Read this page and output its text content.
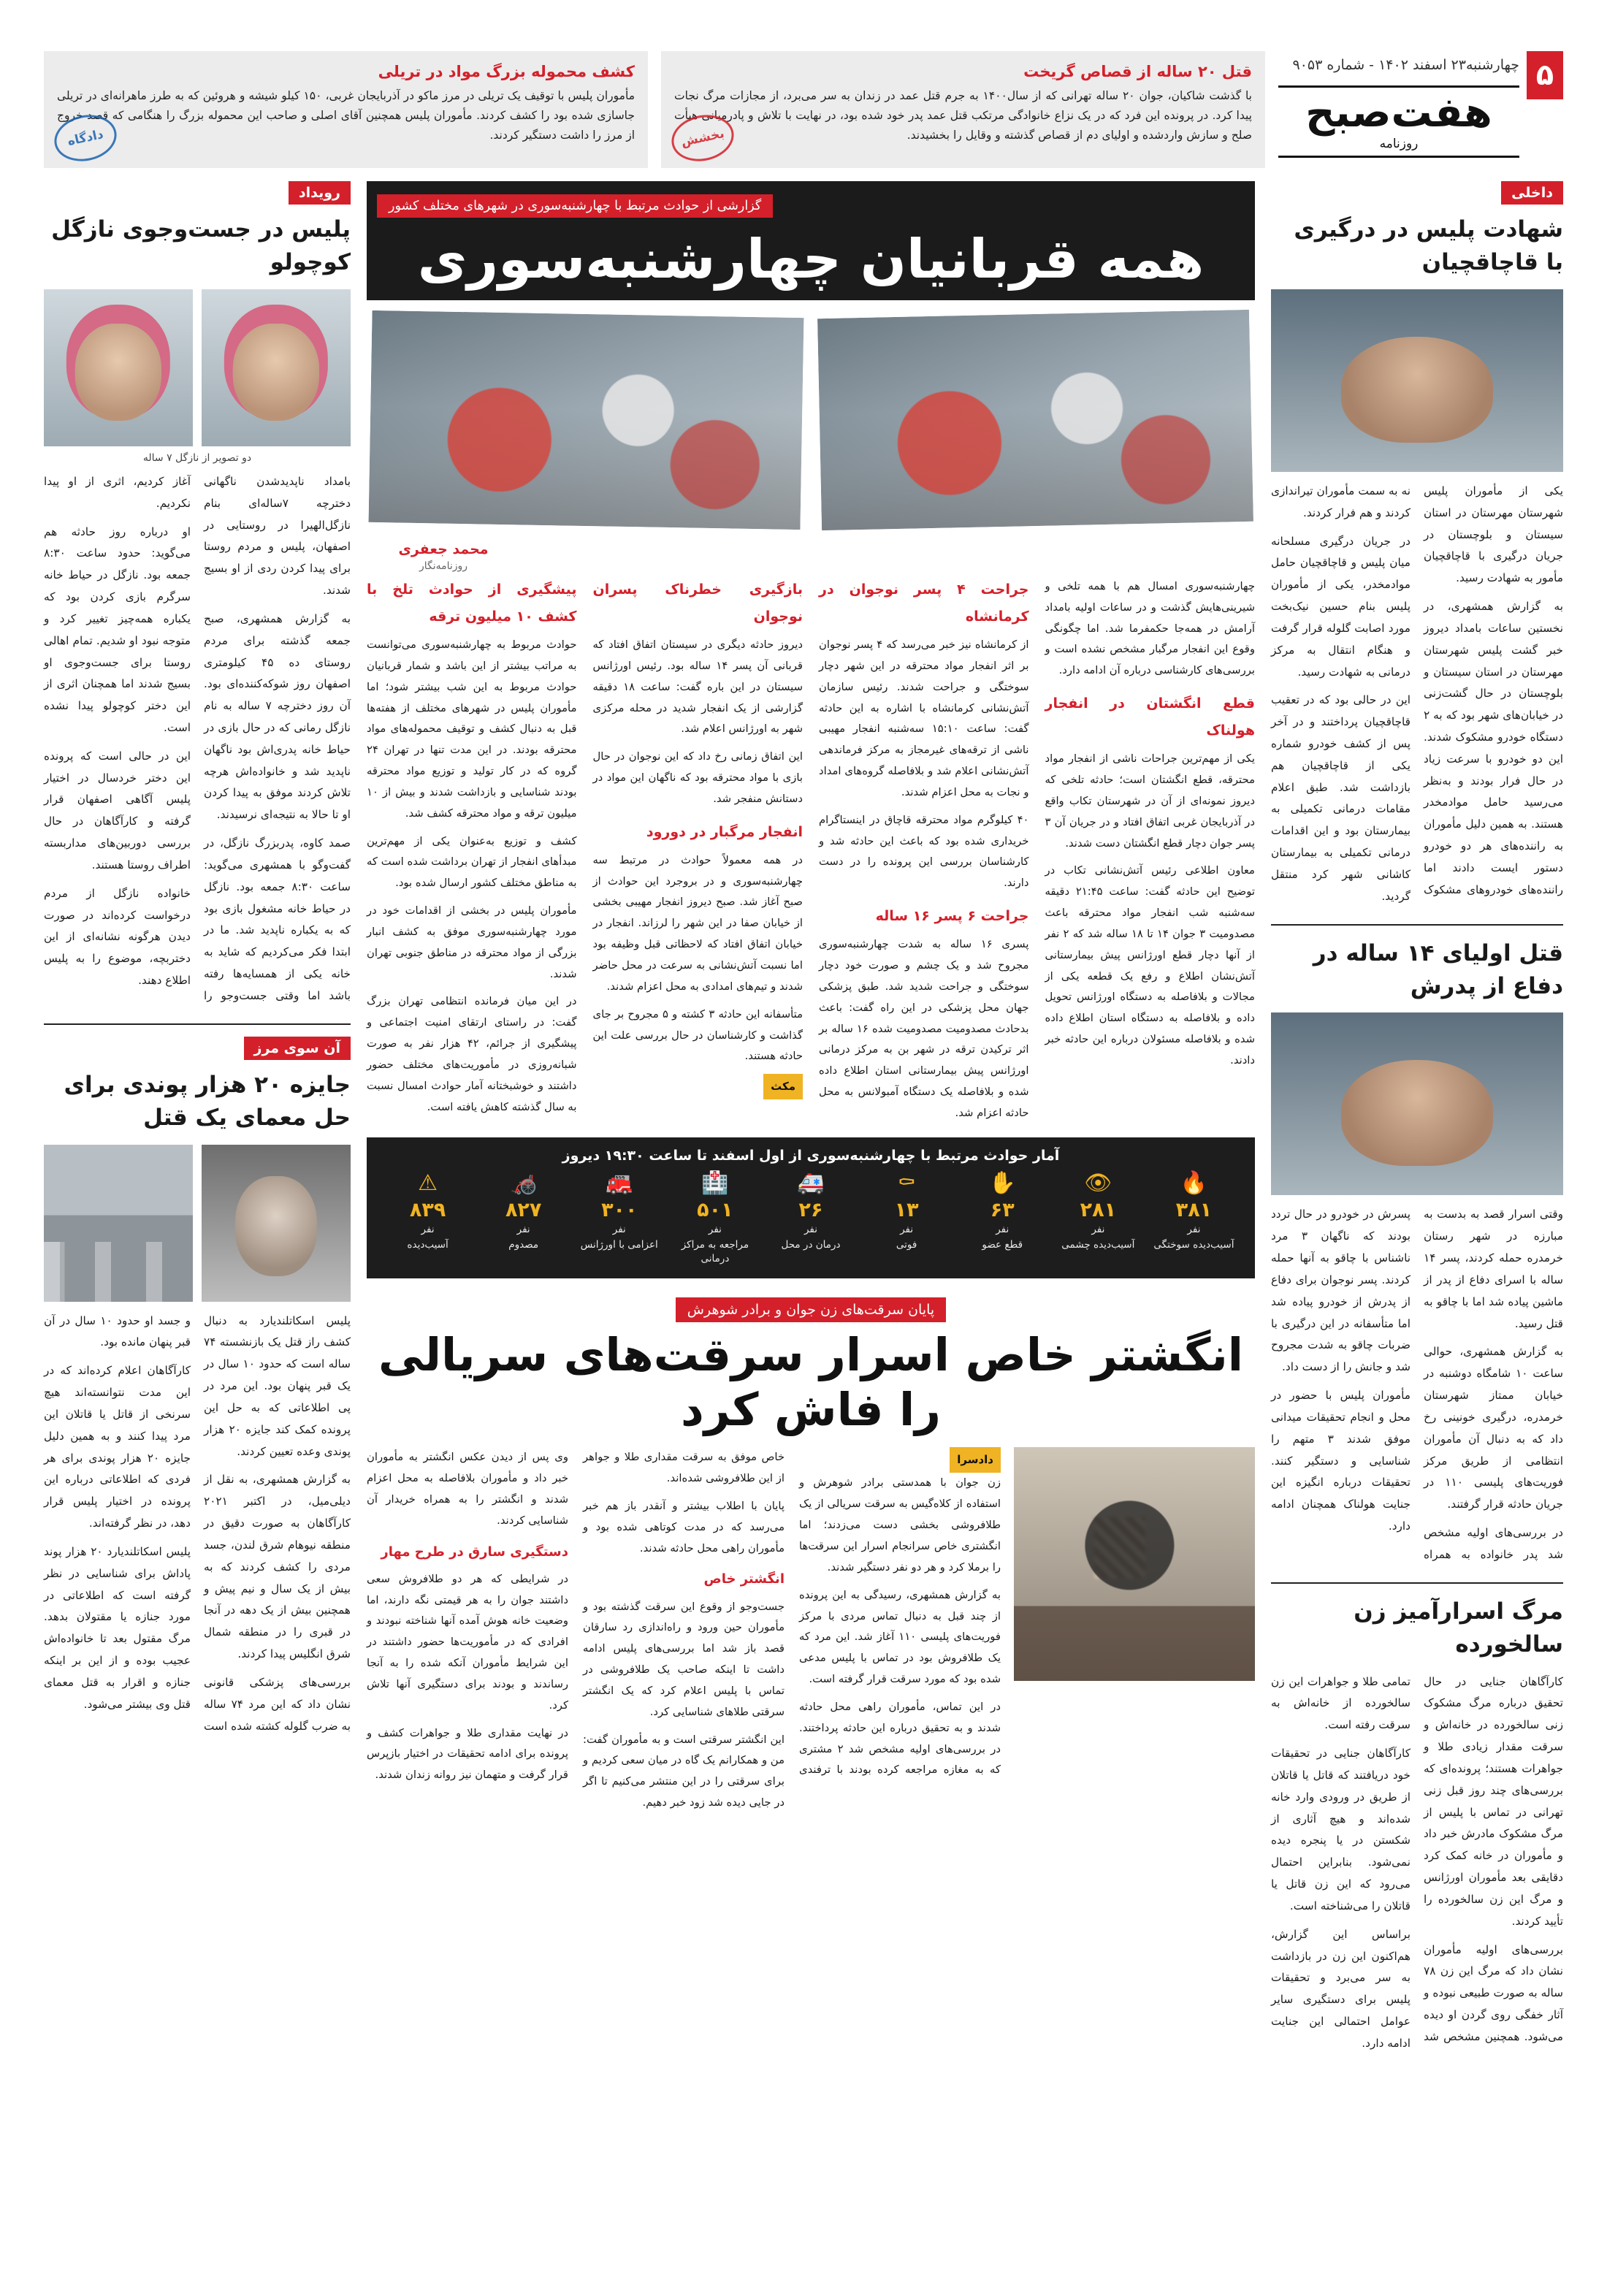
چهارشنبه۲۳ اسفند ۱۴۰۲ - شماره ۹۰۵۳
هفت‌صبح
روزنامه
۵
قتل ۲۰ ساله از قصاص گریخت

با گذشت شاکیان، جوان ۲۰ ساله تهرانی که از سال۱۴۰۰ به جرم قتل عمد در زندان به سر می‌برد، از مجازات مرگ نجات پیدا کرد. در پرونده این فرد که در یک نزاع خانوادگی مرتکب قتل عمد پدر خود شده بود، در نهایت با تلاش و پادرمیانی هیأت صلح و سازش واردشده و اولیای دم از قصاص گذشته و وقایل را بخشیدند.

بخشش
کشف محموله بزرگ مواد در تریلی

مأموران پلیس با توقیف یک تریلی در مرز ماکو در آذربایجان غربی، ۱۵۰ کیلو شیشه و هروئین که به طرز ماهرانه‌ای در تریلی جاسازی شده بود را کشف کردند. مأموران پلیس همچنین آقای اصلی و صاحب این محموله بزرگ را هنگامی که قصد خروج از مرز را داشت دستگیر کردند.

دادگاه
داخلی
شهادت پلیس در درگیری با قاچاقچیان

یکی از مأموران پلیس شهرستان مهرستان در استان سیستان و بلوچستان در جریان درگیری با قاچاقچیان مأمور به شهادت رسید.

به گزارش همشهری، در نخستین ساعات بامداد دیروز خبر گشت پلیس شهرستان مهرستان در استان سیستان و بلوچستان در حال گشت‌زنی در خیابان‌های شهر بود که به ۲ دستگاه خودرو مشکوک شدند. این دو خودرو با سرعت زیاد در حال فرار بودند و به‌نظر می‌رسید حامل موادمخدر هستند. به همین دلیل مأموران به راننده‌های هر دو خودرو دستور ایست دادند اما راننده‌های خودروهای مشکوک نه به سمت مأموران تیراندازی کردند و هم فرار کردند.

در جریان درگیری مسلحانه میان پلیس و قاچاقچیان حامل موادمخدر، یکی از مأموران پلیس بنام حسین نیک‌بخت مورد اصابت گلوله قرار گرفت و هنگام انتقال به مرکز درمانی به شهادت رسید.

این در حالی بود که در تعقیب قاچاقچیان پرداختند و در آخر پس از کشف خودرو شماره یکی از قاچاقچیان هم بازداشت شد. طبق اعلام مقامات درمانی تکمیلی به بیمارستان بود و این اقدامات درمانی تکمیلی به بیمارستان کاشانی شهر کرد منتقل گردید.

قتل اولیای ۱۴ ساله در دفاع از پدرش

وقتی اسرار قصد به بدست به مبارزه در شهر رستان خرمدره حمله کردند، پسر ۱۴ ساله با اسرای دفاع از پدر از ماشین پیاده شد اما با چاقو به قتل رسید.

به گزارش همشهری، حوالی ساعت ۱۰ شامگاه دوشنبه در خیابان ممتاز شهرستان خرمدره، درگیری خونینی رخ داد که به دنبال آن مأموران انتظامی از طریق مرکز فوریت‌های پلیسی ۱۱۰ در جریان حادثه قرار گرفتند.

در بررسی‌های اولیه مشخص شد پدر خانواده به همراه پسرش در خودرو در حال تردد بودند که ناگهان ۳ مرد ناشناس با چاقو به آنها حمله کردند. پسر نوجوان برای دفاع از پدرش از خودرو پیاده شد اما متأسفانه در این درگیری با ضربات چاقو به شدت مجروح شد و جانش را از دست داد.

مأموران پلیس با حضور در محل و انجام تحقیقات میدانی موفق شدند ۳ متهم را شناسایی و دستگیر کنند. تحقیقات درباره انگیزه این جنایت هولناک همچنان ادامه دارد.

مرگ اسرارآمیز زن سالخورده

کارآگاهان جنایی در حال تحقیق درباره مرگ مشکوک زنی سالخورده در خانه‌اش و سرقت مقدار زیادی طلا و جواهرات هستند؛ پرونده‌ای که بررسی‌های چند روز قبل زنی تهرانی در تماس با پلیس از مرگ مشکوک مادرش خبر داد و مأموران در خانه کمک کرد دقایقی بعد مأموران اورژانس و مرگ این زن سالخورده را تأیید کردند.

بررسی‌های اولیه مأموران نشان داد که مرگ این زن ۷۸ ساله به صورت طبیعی نبوده و آثار خفگی روی گردن او دیده می‌شود. همچنین مشخص شد تمامی طلا و جواهرات این زن سالخورده از خانه‌اش به سرقت رفته است.

کارآگاهان جنایی در تحقیقات خود دریافتند که قاتل یا قاتلان از طریق در ورودی وارد خانه شده‌اند و هیچ آثاری از شکستن در یا پنجره دیده نمی‌شود. بنابراین احتمال می‌رود که این زن قاتل یا قاتلان را می‌شناخته است.

براساس این گزارش، هم‌اکنون این زن در بازداشت به سر می‌برد و تحقیقات پلیس برای دستگیری سایر عوامل احتمالی این جنایت ادامه دارد.

گزارشی از حوادث مرتبط با چهارشنبه‌سوری در شهرهای مختلف کشور
همه قربانیان چهارشنبه‌سوری
محمد جعفری
روزنامه‌نگار

چهارشنبه‌سوری امسال هم با همه تلخی و شیرینی‌هایش گذشت و در ساعات اولیه بامداد آرامش در همه‌جا حکمفرما شد. اما چگونگی وقوع این انفجار مرگبار مشخص نشده است و بررسی‌های کارشناسی درباره آن ادامه دارد.

قطع انگشتان در انفجار هولناک

یکی از مهم‌ترین جراحات ناشی از انفجار مواد محترقه، قطع انگشتان است؛ حادثه تلخی که دیروز نمونه‌ای از آن در شهرستان تکاب واقع در آذربایجان غربی اتفاق افتاد و در جریان آن ۳ پسر جوان دچار قطع انگشتان دست شدند.

معاون اطلاعی رئیس آتش‌نشانی تکاب در توضیح این حادثه گفت: ساعت ۲۱:۴۵ دقیقه سه‌شنبه شب انفجار مواد محترقه باعث مصدومیت ۳ جوان ۱۴ تا ۱۸ ساله شد که ۲ نفر از آنها دچار قطع اورژانس پیش بیمارستانی آتش‌نشان اطلاع و رفع یک قطعه یکی از مجالات و بلافاصله به دستگاه اورژانس تحویل داده و بلافاصله به دستگاه استان اطلاع داده شده و بلافاصله مسئولان درباره این حادثه خبر دادند.

جراحت ۴ پسر نوجوان در کرمانشاه

از کرمانشاه نیز خبر می‌رسد که ۴ پسر نوجوان بر اثر انفجار مواد محترقه در این شهر دچار سوختگی و جراحت شدند. رئیس سازمان آتش‌نشانی کرمانشاه با اشاره به این حادثه گفت: ساعت ۱۵:۱۰ سه‌شنبه انفجار مهیبی ناشی از ترقه‌های غیرمجاز به مرکز فرماندهی آتش‌نشانی اعلام شد و بلافاصله گروه‌های امداد و نجات به محل اعزام شدند.

۴۰ کیلوگرم مواد محترقه قاچاق در اینستاگرام خریداری شده بود که باعث این حادثه شد و کارشناسان بررسی این پرونده را در دست دارند.

جراحت ۶ پسر ۱۶ ساله

پسری ۱۶ ساله به شدت چهارشنبه‌سوری مجروح شد و یک چشم و صورت خود دچار سوختگی و جراحت شدید شد. طبق پزشکی جهان محل پزشکی در این راه گفت: باعث بدحادث مصدومیت مصدومیت شده ۱۶ ساله بر اثر ترکیدن ترقه در شهر بن به مرکز درمانی اورژانس پیش بیمارستانی استان اطلاع داده شده و بلافاصله یک دستگاه آمبولانس به محل حادثه اعزام شد.

بازگیری خطرناک پسران نوجوان

دیروز حادثه دیگری در سیستان اتفاق افتاد که قربانی آن پسر ۱۴ ساله بود. رئیس اورژانس سیستان در این باره گفت: ساعت ۱۸ دقیقه گزارشی از یک انفجار شدید در محله مرکزی شهر به اورژانس اعلام شد.

این اتفاق زمانی رخ داد که این نوجوان در حال بازی با مواد محترقه بود که ناگهان این مواد در دستانش منفجر شد.

انفجار مرگبار در دورود

در همه معمولاً حوادث در مرتبط سه چهارشنبه‌سوری و در بروجرد این حوادث از صبح آغاز شد. صبح دیروز انفجار مهیبی بخشی از خیابان صفا در این شهر را لرزاند. انفجار در خیابان اتفاق افتاد که لاحظاتی قبل وظیفه بود اما نسبت آتش‌نشانی به سرعت در محل حاضر شدند و تیم‌های امدادی به محل اعزام شدند.

متأسفانه این حادثه ۳ کشته و ۵ مجروح بر جای گذاشت و کارشناسان در حال بررسی علت این حادثه هستند.

مکث
پیشگیری از حوادث تلخ با کشف ۱۰ میلیون ترقه

حوادث مربوط به چهارشنبه‌سوری می‌توانست به مراتب بیشتر از این باشد و شمار قربانیان حوادث مربوط به این شب بیشتر شود؛ اما مأموران پلیس در شهرهای مختلف از هفته‌ها قبل به دنبال کشف و توقیف محموله‌های مواد محترقه بودند. در این مدت تنها در تهران ۲۴ گروه که در کار تولید و توزیع مواد محترقه بودند شناسایی و بازداشت شدند و بیش از ۱۰ میلیون ترقه و مواد محترقه کشف شد.

کشف و توزیع به‌عنوان یکی از مهم‌ترین مبدأهای انفجار از تهران برداشت شده است که به مناطق مختلف کشور ارسال شده بود.

مأموران پلیس در بخشی از اقدامات خود در مورد چهارشنبه‌سوری موفق به کشف انبار بزرگی از مواد محترقه در مناطق جنوبی تهران شدند.

در این میان فرمانده انتظامی تهران بزرگ گفت: در راستای ارتقای امنیت اجتماعی و پیشگیری از جرائم، ۴۲ هزار نفر به صورت شبانه‌روزی در مأموریت‌های مختلف حضور داشتند و خوشبختانه آمار حوادث امسال نسبت به سال گذشته کاهش یافته است.

آمار حوادث مرتبط با چهارشنبه‌سوری از اول اسفند تا ساعت ۱۹:۳۰ دیروز
🔥
۳۸۱
نفر
آسیب‌دیده سوختگی
👁
۲۸۱
نفر
آسیب‌دیده چشمی
✋
۶۳
نفر
قطع عضو
⚰
۱۳
نفر
فوتی
🚑
۲۶
نفر
درمان در محل
🏥
۵۰۱
نفر
مراجعه به مراکز درمانی
🚒
۳۰۰
نفر
اعزامی با اورژانس
🦽
۸۲۷
نفر
مصدوم
⚠
۸۳۹
نفر
آسیب‌دیده
پایان سرقت‌های زن جوان و برادر شوهرش
انگشتر خاص اسرار سرقت‌های سریالی را فاش کرد
دادسرا

زن جوان با همدستی برادر شوهرش و استفاده از کلاه‌گیس به سرقت سریالی از یک طلافروشی بخشی دست می‌زدند؛ اما انگشتری خاص سرانجام اسرار این سرقت‌ها را برملا کرد و هر دو نفر دستگیر شدند.

به گزارش همشهری، رسیدگی به این پرونده از چند قبل به دنبال تماس مردی با مرکز فوریت‌های پلیسی ۱۱۰ آغاز شد. این مرد که یک طلافروش بود در تماس با پلیس مدعی شده بود که مورد سرقت قرار گرفته است.

در این تماس، مأموران راهی محل حادثه شدند و به تحقیق درباره این حادثه پرداختند. در بررسی‌های اولیه مشخص شد ۲ مشتری که به مغازه مراجعه کرده بودند با ترفندی خاص موفق به سرقت مقداری طلا و جواهر از این طلافروشی شده‌اند.

پایان با اطلاب بیشتر و آنقدر باز هم خبر می‌رسد که در مدت کوتاهی شده بود و مأموران راهی محل حادثه شدند.

انگشتر خاص

جست‌وجو از وقوع این سرقت گذشته بود و مأموران حین ورود و راه‌اندازی رد سارقان قصد باز شد اما بررسی‌های پلیس ادامه داشت تا اینکه صاحب یک طلافروشی در تماس با پلیس اعلام کرد که یک انگشتر سرقتی طلاهای شناسایی کرد.

این انگشتر سرقتی است و به مأموران گفت: من و همکارانم یک گاه در میان سعی کردیم و برای سرقتی را در این منتشر می‌کنیم تا اگر در جایی دیده شد زود خبر دهیم.

وی پس از دیدن عکس انگشتر به مأموران خبر داد و مأموران بلافاصله به محل اعزام شدند و انگشتر را به همراه خریدار آن شناسایی کردند.

دستگیری سارق در طرح مهار

در شرایطی که هر دو طلافروش سعی داشتند جوان را به هر قیمتی نگه دارند، اما وضعیت خانه هوش آمده آنها شناخته نبودند و افرادی که در مأموریت‌ها حضور داشتند در این شرایط مأموران آنکه شده را به آنجا رساندند و بودند برای دستگیری آنها تلاش کرد.

در نهایت مقداری طلا و جواهرات کشف و پرونده برای ادامه تحقیقات در اختیار بازپرس قرار گرفت و متهمان نیز روانه زندان شدند.

رویداد
پلیس در جست‌وجوی نازگل کوچولو
دو تصویر از نازگل ۷ ساله

بامداد ناپدیدشدن ناگهانی دخترچه ۷ساله‌ای بنام نازگل‌الهیرا در روستایی در اصفهان، پلیس و مردم روستا برای پیدا کردن ردی از او بسیج شدند.

به گزارش همشهری، صبح جمعه گذشته برای مردم روستای ده ۴۵ کیلومتری اصفهان روز شوکه‌کننده‌ای بود. آن روز دخترچه ۷ ساله به نام نازگل رمانی که در حال بازی در حیاط خانه پدری‌اش بود ناگهان ناپدید شد و خانواده‌اش هرچه تلاش کردند موفق به پیدا کردن او تا حالا به نتیجه‌ای نرسیدند.

صمد کاوه، پدربزرگ نازگل، در گفت‌وگو با همشهری می‌گوید: ساعت ۸:۳۰ جمعه بود. نازگل در حیاط خانه مشغول بازی بود که به یکباره ناپدید شد. ما در ابتدا فکر می‌کردیم که شاید به خانه یکی از همسایه‌ها رفته باشد اما وقتی جست‌وجو را آغاز کردیم، اثری از او پیدا نکردیم.

او درباره روز حادثه هم می‌گوید: حدود ساعت ۸:۳۰ جمعه بود. نازگل در حیاط خانه سرگرم بازی کردن بود که یکباره همه‌چیز تغییر کرد و متوجه نبود او شدیم. تمام اهالی روستا برای جست‌وجوی او بسیج شدند اما همچنان اثری از این دختر کوچولو پیدا نشده است.

این در حالی است که پرونده این دختر خردسال در اختیار پلیس آگاهی اصفهان قرار گرفته و کارآگاهان در حال بررسی دوربین‌های مداربسته اطراف روستا هستند.

خانواده نازگل از مردم درخواست کرده‌اند در صورت دیدن هرگونه نشانه‌ای از این دختربچه، موضوع را به پلیس اطلاع دهند.

آن سوی مرز
جایزه ۲۰ هزار پوندی برای حل معمای یک قتل

پلیس اسکاتلندیارد به دنبال کشف راز قتل یک بازنشسته ۷۴ ساله است که حدود ۱۰ سال در یک قبر پنهان بود. این مرد در پی اطلاعاتی که به حل این پرونده کمک کند جایزه ۲۰ هزار پوندی وعده تعیین کردند.

به گزارش همشهری، به نقل از دیلی‌میل، در اکتبر ۲۰۲۱ کارآگاهان به صورت دقیق در منطقه نیوهام شرق لندن، جسد مردی را کشف کردند که به بیش از یک سال و نیم پیش و همچنین بیش از یک دهه در آنجا در قبری را در منطقه شمال شرق انگلیس پیدا کردند.

بررسی‌های پزشکی قانونی نشان داد که این مرد ۷۴ ساله به ضرب گلوله کشته شده است و جسد او حدود ۱۰ سال در آن قبر پنهان مانده بود.

کارآگاهان اعلام کرده‌اند که در این مدت نتوانسته‌اند هیچ سرنخی از قاتل یا قاتلان این مرد پیدا کنند و به همین دلیل جایزه ۲۰ هزار پوندی برای هر فردی که اطلاعاتی درباره این پرونده در اختیار پلیس قرار دهد، در نظر گرفته‌اند.

پلیس اسکاتلندیارد ۲۰ هزار پوند پاداش برای شناسایی در نظر گرفته است که اطلاعاتی در مورد جنازه یا مقتولان بدهد. مرگ مقتول بعد تا خانواده‌اش عجیب بوده و از این بر اینکه جنازه و اقرار به قتل معمای قتل وی بیشتر می‌شود.
